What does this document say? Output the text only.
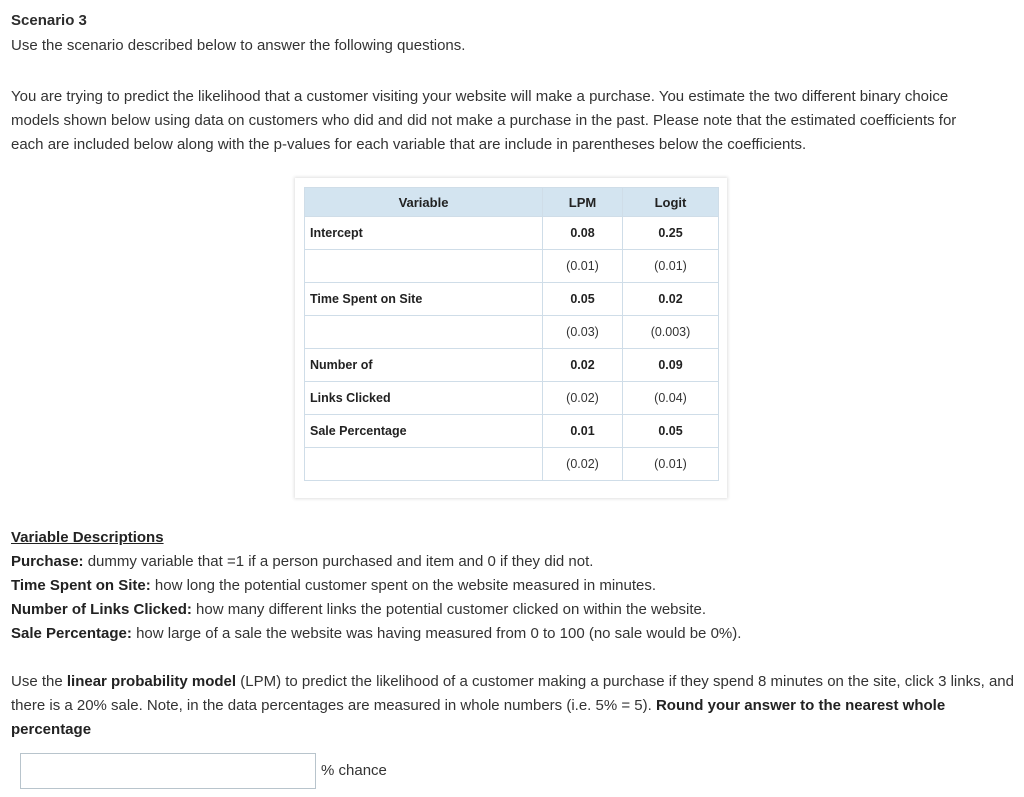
Scenario 3
Use the scenario described below to answer the following questions.
You are trying to predict the likelihood that a customer visiting your website will make a purchase. You estimate the two different binary choice models shown below using data on customers who did and did not make a purchase in the past. Please note that the estimated coefficients for each are included below along with the p-values for each variable that are include in parentheses below the coefficients.
Variable	LPM	Logit
Intercept	0.08	0.25
	(0.01)	(0.01)
Time Spent on Site	0.05	0.02
	(0.03)	(0.003)
Number of	0.02	0.09
Links Clicked	(0.02)	(0.04)
Sale Percentage	0.01	0.05
	(0.02)	(0.01)
Variable Descriptions
Purchase: dummy variable that =1 if a person purchased and item and 0 if they did not.
Time Spent on Site: how long the potential customer spent on the website measured in minutes.
Number of Links Clicked: how many different links the potential customer clicked on within the website.
Sale Percentage: how large of a sale the website was having measured from 0 to 100 (no sale would be 0%).
Use the linear probability model (LPM) to predict the likelihood of a customer making a purchase if they spend 8 minutes on the site, click 3 links, and there is a 20% sale. Note, in the data percentages are measured in whole numbers (i.e. 5% = 5). Round your answer to the nearest whole percentage
% chance
